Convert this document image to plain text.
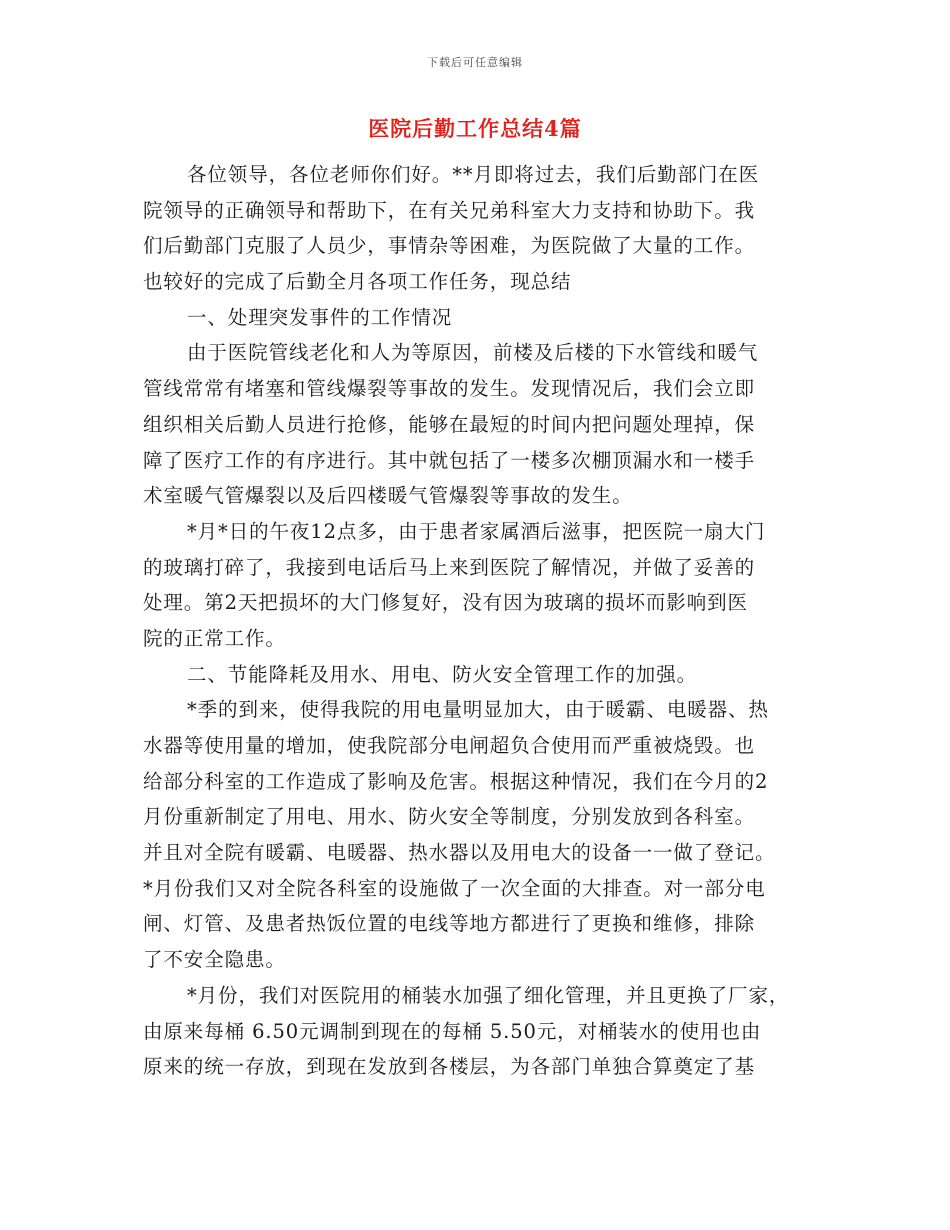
下载后可任意编辑
医院后勤工作总结4篇
各位领导，各位老师你们好。**月即将过去，我们后勤部门在医
院领导的正确领导和帮助下，在有关兄弟科室大力支持和协助下。我
们后勤部门克服了人员少，事情杂等困难，为医院做了大量的工作。
也较好的完成了后勤全月各项工作任务，现总结
一、处理突发事件的工作情况
由于医院管线老化和人为等原因，前楼及后楼的下水管线和暖气
管线常常有堵塞和管线爆裂等事故的发生。发现情况后，我们会立即
组织相关后勤人员进行抢修，能够在最短的时间内把问题处理掉，保
障了医疗工作的有序进行。其中就包括了一楼多次棚顶漏水和一楼手
术室暖气管爆裂以及后四楼暖气管爆裂等事故的发生。
*月*日的午夜12点多，由于患者家属酒后滋事，把医院一扇大门
的玻璃打碎了，我接到电话后马上来到医院了解情况，并做了妥善的
处理。第2天把损坏的大门修复好，没有因为玻璃的损坏而影响到医
院的正常工作。
二、节能降耗及用水、用电、防火安全管理工作的加强。
*季的到来，使得我院的用电量明显加大，由于暖霸、电暖器、热
水器等使用量的增加，使我院部分电闸超负合使用而严重被烧毁。也
给部分科室的工作造成了影响及危害。根据这种情况，我们在今月的2
月份重新制定了用电、用水、防火安全等制度，分别发放到各科室。
并且对全院有暖霸、电暖器、热水器以及用电大的设备一一做了登记。
*月份我们又对全院各科室的设施做了一次全面的大排查。对一部分电
闸、灯管、及患者热饭位置的电线等地方都进行了更换和维修，排除
了不安全隐患。
*月份，我们对医院用的桶装水加强了细化管理，并且更换了厂家，
由原来每桶 6.50元调制到现在的每桶 5.50元，对桶装水的使用也由
原来的统一存放，到现在发放到各楼层，为各部门单独合算奠定了基
